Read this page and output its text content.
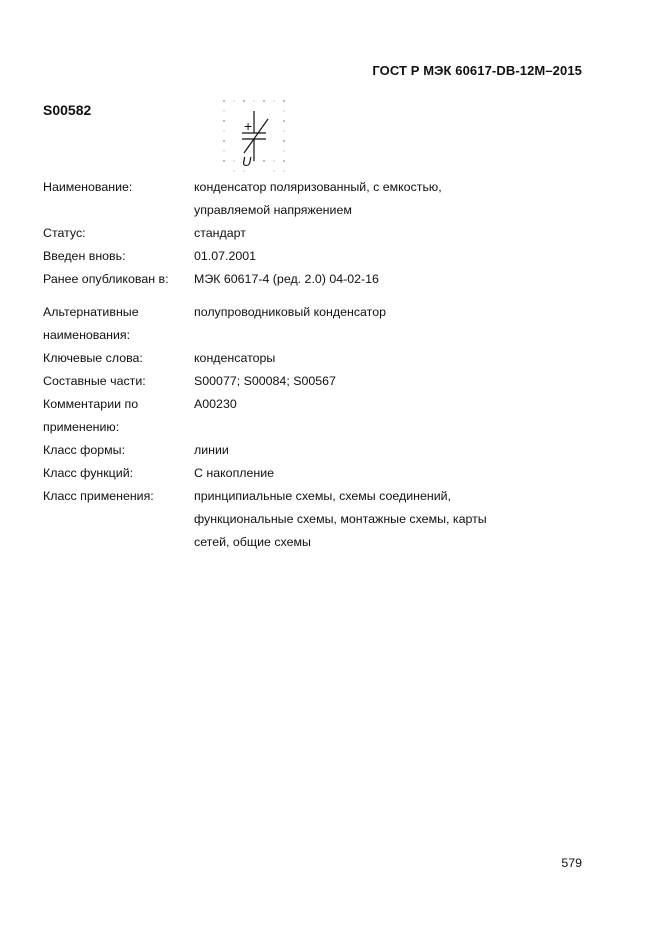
ГОСТ Р МЭК 60617-DB-12M–2015
S00582
+
U
Наименование:	конденсатор поляризованный, с емкостью,
управляемой напряжением
Статус:	стандарт
Введен вновь:	01.07.2001
Ранее опубликован в:	МЭК 60617-4 (ред. 2.0) 04-02-16
Альтернативные
наименования:
полупроводниковый конденсатор
Ключевые слова:	конденсаторы
Составные части:	S00077; S00084; S00567
Комментарии по
применению:
A00230
Класс формы:	линии
Класс функций:	C накопление
Класс применения:	принципиальные схемы, схемы соединений,
функциональные схемы, монтажные схемы, карты
сетей, общие схемы
579
